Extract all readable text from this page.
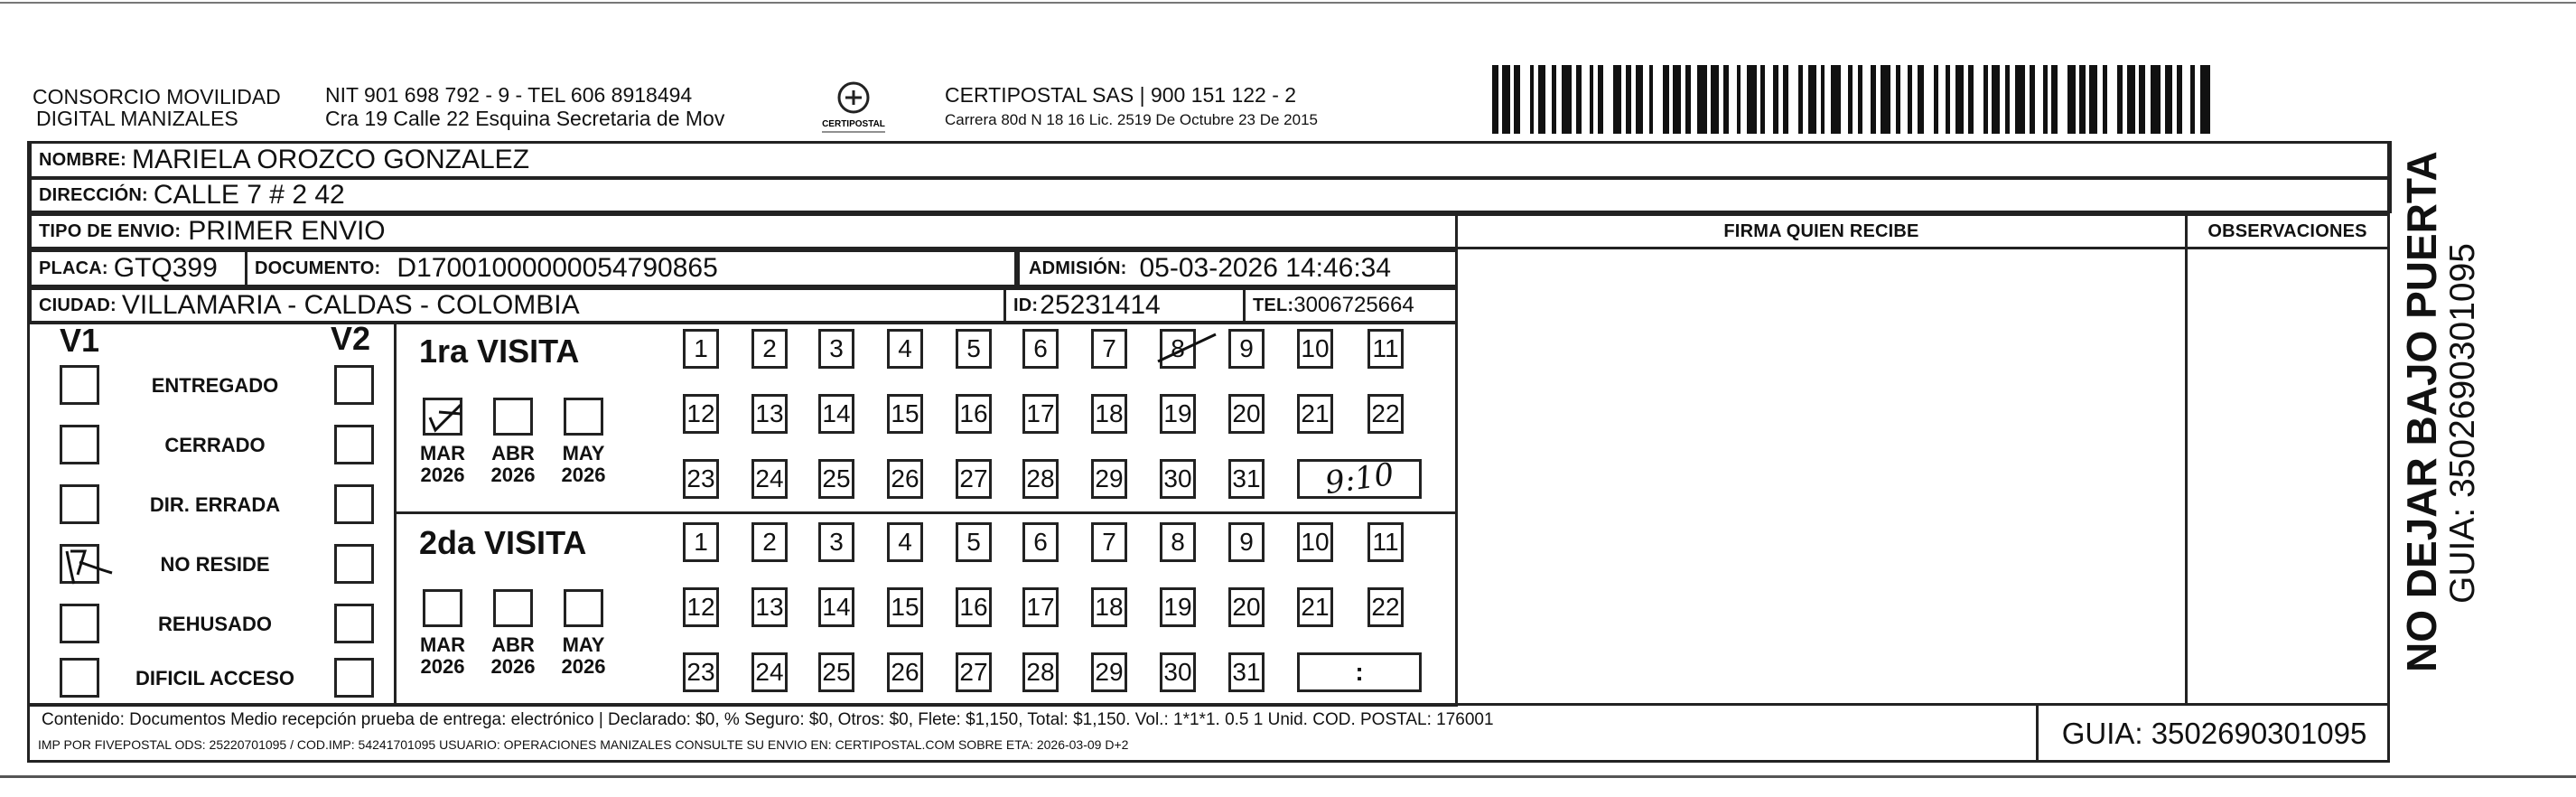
CONSORCIO MOVILIDAD
DIGITAL MANIZALES
NIT 901 698 792 - 9 - TEL 606 8918494
Cra 19 Calle 22 Esquina Secretaria de Mov	CERTIPOSTAL
CERTIPOSTAL SAS | 900 151 122 - 2
Carrera 80d N 18 16 Lic. 2519 De Octubre 23 De 2015
NOMBRE: MARIELA OROZCO GONZALEZ
DIRECCIÓN: CALLE 7 # 2 42
TIPO DE ENVIO: PRIMER ENVIO	FIRMA QUIEN RECIBE	OBSERVACIONES
PLACA: GTQ399 DOCUMENTO: D17001000000054790865	ADMISIÓN: 05-03-2026 14:46:34
CIUDAD: VILLAMARIA - CALDAS - COLOMBIA	ID: 25231414	TEL: 3006725664
V1	V2
ENTREGADO
CERRADO
DIR. ERRADA
NO RESIDE
REHUSADO
DIFICIL ACCESO
1ra VISITA
MAR
2026
ABR
2026
MAY
2026
1	2	3	4	5	6	7	8	9	10 11
12 13 14 15 16 17 18 19 20 21 22
23 24 25 26 27 28 29 30 31 9:10
2da VISITA
MAR
2026
ABR
2026
MAY
2026
1	2	3	4	5	6	7	8	9	10 11
12 13 14 15 16 17 18 19 20 21 22
23 24 25 26 27 28 29 30 31	:
Contenido: Documentos Medio recepción prueba de entrega: electrónico | Declarado: $0, % Seguro: $0, Otros: $0, Flete: $1,150, Total: $1,150. Vol.: 1*1*1. 0.5 1 Unid. COD. POSTAL: 176001
IMP POR FIVEPOSTAL ODS: 25220701095 / COD.IMP: 54241701095 USUARIO: OPERACIONES MANIZALES CONSULTE SU ENVIO EN: CERTIPOSTAL.COM SOBRE ETA: 2026-03-09 D+2	GUIA: 3502690301095
NO DEJAR BAJO PUERTA
GUIA: 3502690301095
